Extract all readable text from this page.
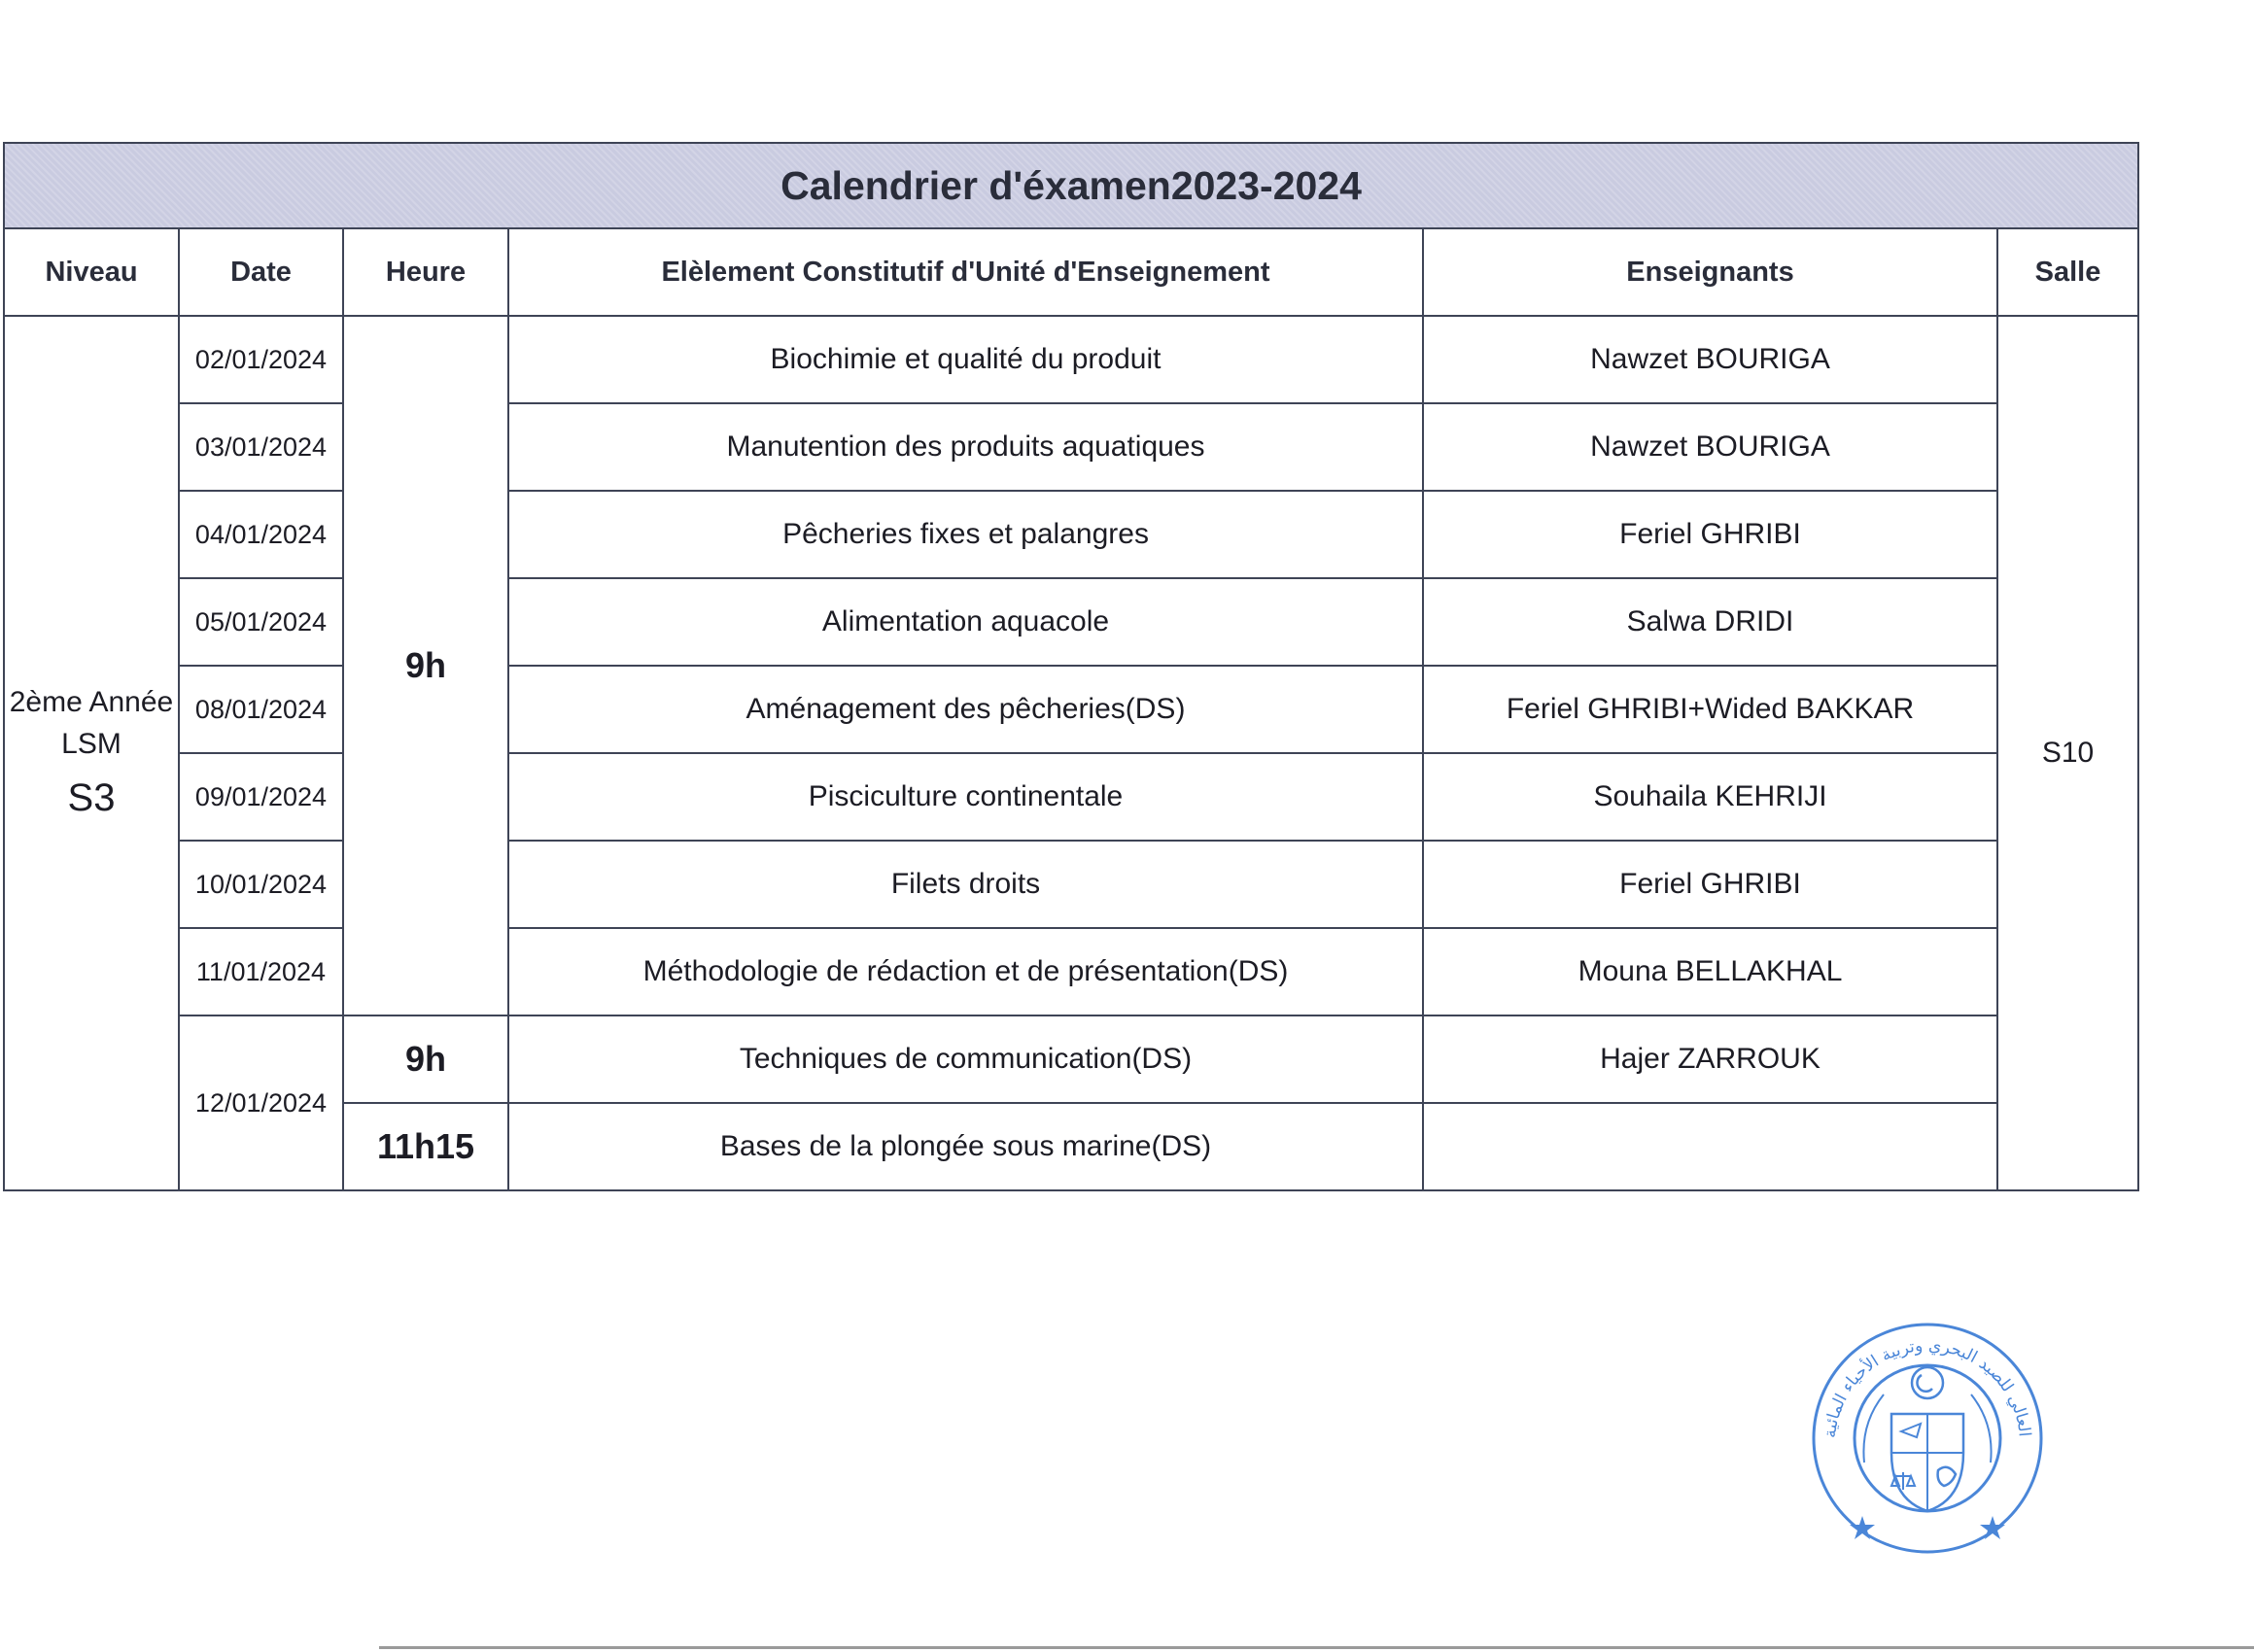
Calendrier d'éxamen2023-2024					
Niveau	Date	Heure	Elèlement Constitutif d'Unité d'Enseignement	Enseignants	Salle
2ème Année
LSM
S3	02/01/2024	9h	Biochimie et qualité du produit	Nawzet BOURIGA	S10
	03/01/2024		Manutention des produits aquatiques	Nawzet BOURIGA	
	04/01/2024		Pêcheries fixes et palangres	Feriel GHRIBI	
	05/01/2024		Alimentation aquacole	Salwa DRIDI	
	08/01/2024		Aménagement des pêcheries(DS)	Feriel GHRIBI+Wided BAKKAR	
	09/01/2024		Pisciculture continentale	Souhaila KEHRIJI	
	10/01/2024		Filets droits	Feriel GHRIBI	
	11/01/2024		Méthodologie de rédaction et de présentation(DS)	Mouna BELLAKHAL	
	12/01/2024	9h	Techniques de communication(DS)	Hajer ZARROUK	
		11h15	Bases de la plongée sous marine(DS)		
العالي للصيد البحري وتربية الأحياء المائية
